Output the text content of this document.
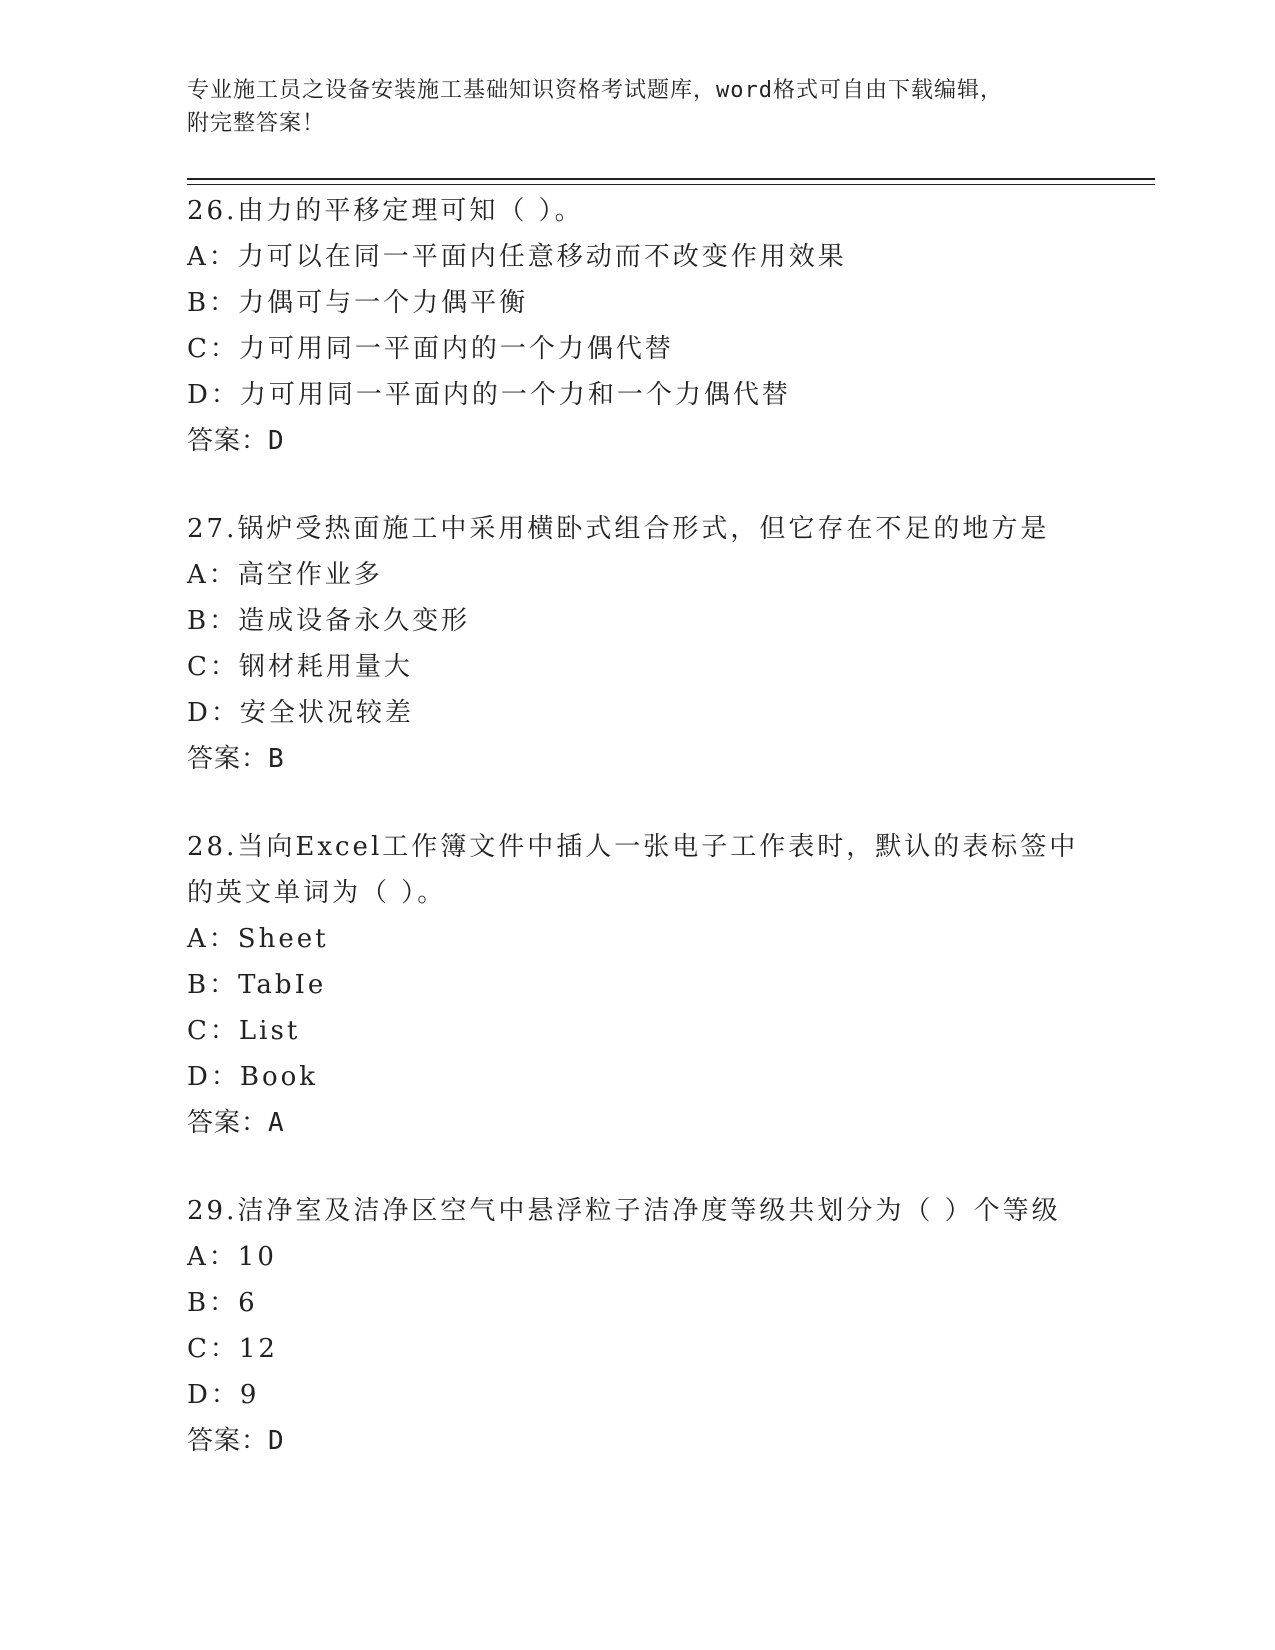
专业施工员之设备安装施工基础知识资格考试题库，word格式可自由下载编辑，
附完整答案！
26.由力的平移定理可知（ ）。
A：力可以在同一平面内任意移动而不改变作用效果
B：力偶可与一个力偶平衡
C：力可用同一平面内的一个力偶代替
D：力可用同一平面内的一个力和一个力偶代替
答案：D
27.锅炉受热面施工中采用横卧式组合形式，但它存在不足的地方是
A：高空作业多
B：造成设备永久变形
C：钢材耗用量大
D：安全状况较差
答案：B
28.当向Excel工作簿文件中插人一张电子工作表时，默认的表标签中的英文单词为（ ）。
A：Sheet
B：TabIe
C：List
D：Book
答案：A
29.洁净室及洁净区空气中悬浮粒子洁净度等级共划分为（ ）个等级
A：10
B：6
C：12
D：9
答案：D
